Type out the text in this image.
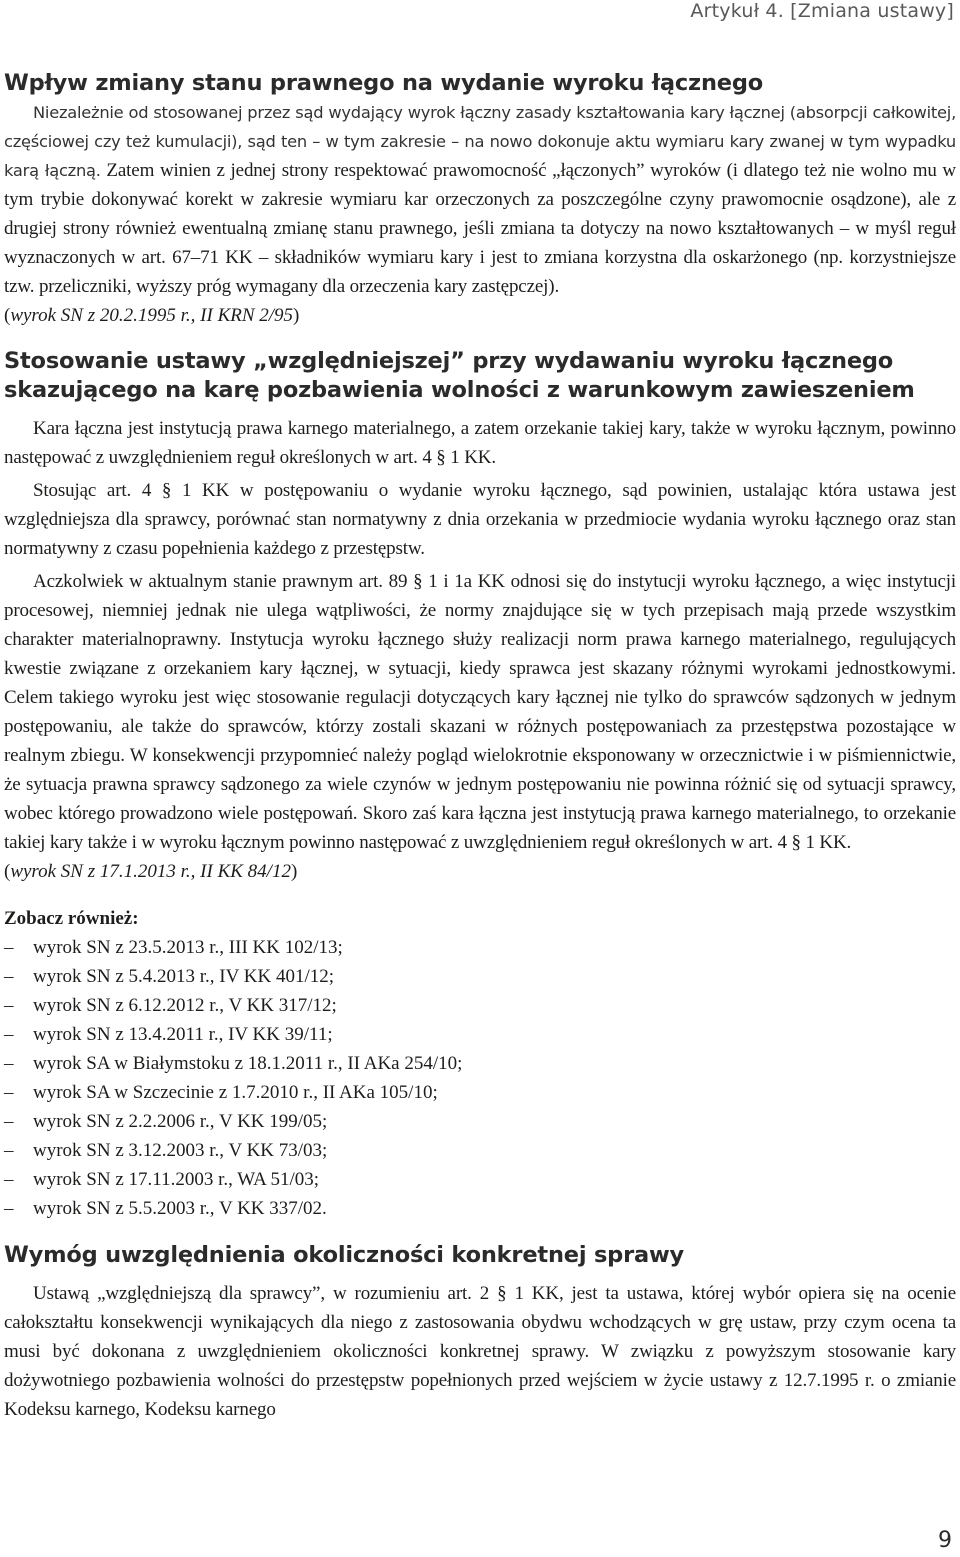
Artykuł 4. [Zmiana ustawy]
Wpływ zmiany stanu prawnego na wydanie wyroku łącznego

Niezależnie od stosowanej przez sąd wydający wyrok łączny zasady kształtowania kary łącznej (absorpcji całkowitej, częściowej czy też kumulacji), sąd ten – w tym zakresie – na nowo dokonuje aktu wymiaru kary zwanej w tym wypadku karą łączną. Zatem winien z jednej strony respektować prawomocność „łączonych” wyroków (i dlatego też nie wolno mu w tym trybie dokonywać korekt w zakresie wymiaru kar orzeczonych za poszczególne czyny prawomocnie osądzone), ale z drugiej strony również ewentualną zmianę stanu prawnego, jeśli zmiana ta dotyczy na nowo kształtowanych – w myśl reguł wyznaczonych w art. 67–71 KK – składników wymiaru kary i jest to zmiana korzystna dla oskarżonego (np. korzystniejsze tzw. przeliczniki, wyższy próg wymagany dla orzeczenia kary zastępczej).

(wyrok SN z 20.2.1995 r., II KRN 2/95)
Stosowanie ustawy „względniejszej” przy wydawaniu wyroku łącznego
skazującego na karę pozbawienia wolności z warunkowym zawieszeniem

Kara łączna jest instytucją prawa karnego materialnego, a zatem orzekanie takiej kary, także w wyroku łącznym, powinno następować z uwzględnieniem reguł określonych w art. 4 § 1 KK.

Stosując art. 4 § 1 KK w postępowaniu o wydanie wyroku łącznego, sąd powinien, ustalając która ustawa jest względniejsza dla sprawcy, porównać stan normatywny z dnia orzekania w przedmiocie wydania wyroku łącznego oraz stan normatywny z czasu popełnienia każdego z przestępstw.

Aczkolwiek w aktualnym stanie prawnym art. 89 § 1 i 1a KK odnosi się do instytucji wyroku łącznego, a więc instytucji procesowej, niemniej jednak nie ulega wątpliwości, że normy znajdujące się w tych przepisach mają przede wszystkim charakter materialnoprawny. Instytucja wyroku łącznego służy realizacji norm prawa karnego materialnego, regulujących kwestie związane z orzekaniem kary łącznej, w sytuacji, kiedy sprawca jest skazany różnymi wyrokami jednostkowymi. Celem takiego wyroku jest więc stosowanie regulacji dotyczących kary łącznej nie tylko do sprawców sądzonych w jednym postępowaniu, ale także do sprawców, którzy zostali skazani w różnych postępowaniach za przestępstwa pozostające w realnym zbiegu. W konsekwencji przypomnieć należy pogląd wielokrotnie eksponowany w orzecznictwie i w piśmiennictwie, że sytuacja prawna sprawcy sądzonego za wiele czynów w jednym postępowaniu nie powinna różnić się od sytuacji sprawcy, wobec którego prowadzono wiele postępowań. Skoro zaś kara łączna jest instytucją prawa karnego materialnego, to orzekanie takiej kary także i w wyroku łącznym powinno następować z uwzględnieniem reguł określonych w art. 4 § 1 KK.

(wyrok SN z 17.1.2013 r., II KK 84/12)
Zobacz również:
– wyrok SN z 23.5.2013 r., III KK 102/13;
– wyrok SN z 5.4.2013 r., IV KK 401/12;
– wyrok SN z 6.12.2012 r., V KK 317/12;
– wyrok SN z 13.4.2011 r., IV KK 39/11;
– wyrok SA w Białymstoku z 18.1.2011 r., II AKa 254/10;
– wyrok SA w Szczecinie z 1.7.2010 r., II AKa 105/10;
– wyrok SN z 2.2.2006 r., V KK 199/05;
– wyrok SN z 3.12.2003 r., V KK 73/03;
– wyrok SN z 17.11.2003 r., WA 51/03;
– wyrok SN z 5.5.2003 r., V KK 337/02.
Wymóg uwzględnienia okoliczności konkretnej sprawy

Ustawą „względniejszą dla sprawcy”, w rozumieniu art. 2 § 1 KK, jest ta ustawa, której wybór opiera się na ocenie całokształtu konsekwencji wynikających dla niego z zastosowania obydwu wchodzących w grę ustaw, przy czym ocena ta musi być dokonana z uwzględnieniem okoliczności konkretnej sprawy. W związku z powyższym stosowanie kary dożywotniego pozbawienia wolności do przestępstw popełnionych przed wejściem w życie ustawy z 12.7.1995 r. o zmianie Kodeksu karnego, Kodeksu karnego

9
